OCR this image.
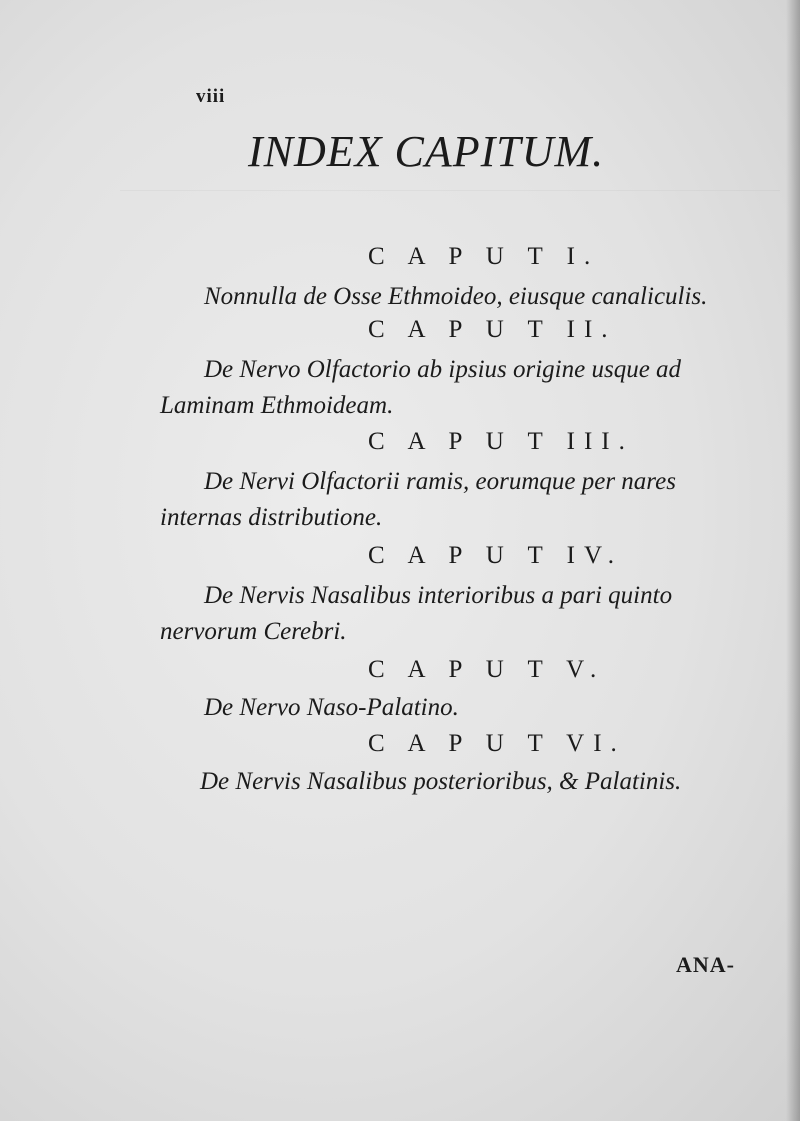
viii
INDEX CAPITUM.
C A P U T I.
Nonnulla de Osse Ethmoideo, eiusque canaliculis.
C A P U T II.
De Nervo Olfactorio ab ipsius origine usque ad
Laminam Ethmoideam.
C A P U T III.
De Nervi Olfactorii ramis, eorumque per nares
internas distributione.
C A P U T IV.
De Nervis Nasalibus interioribus a pari quinto
nervorum Cerebri.
C A P U T V.
De Nervo Naso-Palatino.
C A P U T VI.
De Nervis Nasalibus posterioribus, & Palatinis.
ANA-
